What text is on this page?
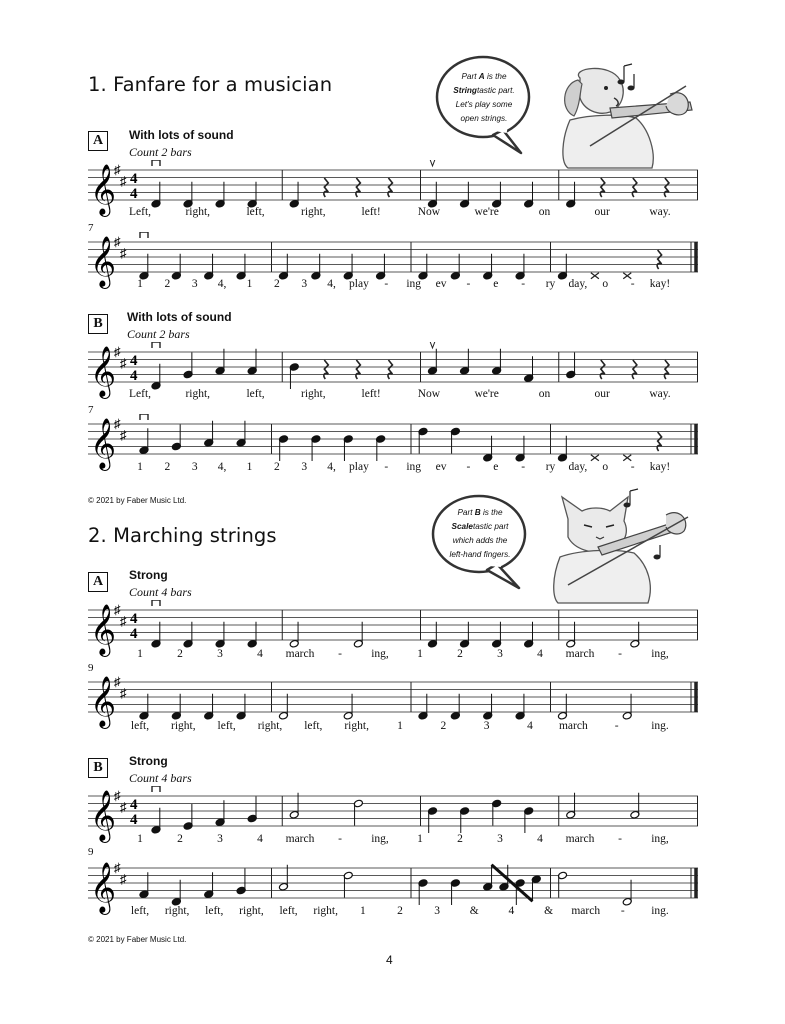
1. Fanfare for a musician	Part A is the
Stringtastic part.
Let's play some
open strings.
A	With lots of sound
Count 2 bars
𝄞
♯
♯ 4
4
Left,	right,	left,	right,	left!	Now	we're	on	our	way.
𝄞
♯
♯
7
1 2 3 4, 1 2 3 4, play - ing ev - e - ry day, o - kay!
B	With lots of sound
Count 2 bars
𝄞
♯
♯ 4
4
Left,	right,	left,	right,	left!	Now	we're	on	our	way.
𝄞
♯
♯
7
1 2 3 4, 1 2 3 4, play - ing ev - e - ry day, o - kay!
© 2021 by Faber Music Ltd.
2. Marching strings
Part B is the
Scaletastic part
which adds the
left-hand fingers.
A	Strong
Count 4 bars
𝄞
♯
♯ 4
4
1	2	3	4 march -	ing, 1	2	3	4 march -	ing,
𝄞
♯
♯
9
left, right, left, right, left, right, 1	2	3	4 march -	ing.
B	Strong
Count 4 bars
𝄞
♯
♯ 4
4
1	2	3	4 march -	ing, 1	2	3	4 march -	ing,
𝄞
♯
♯
9
left, right, left, right, left, right, 1	2	3	&	4	& march - ing.
© 2021 by Faber Music Ltd.
4
